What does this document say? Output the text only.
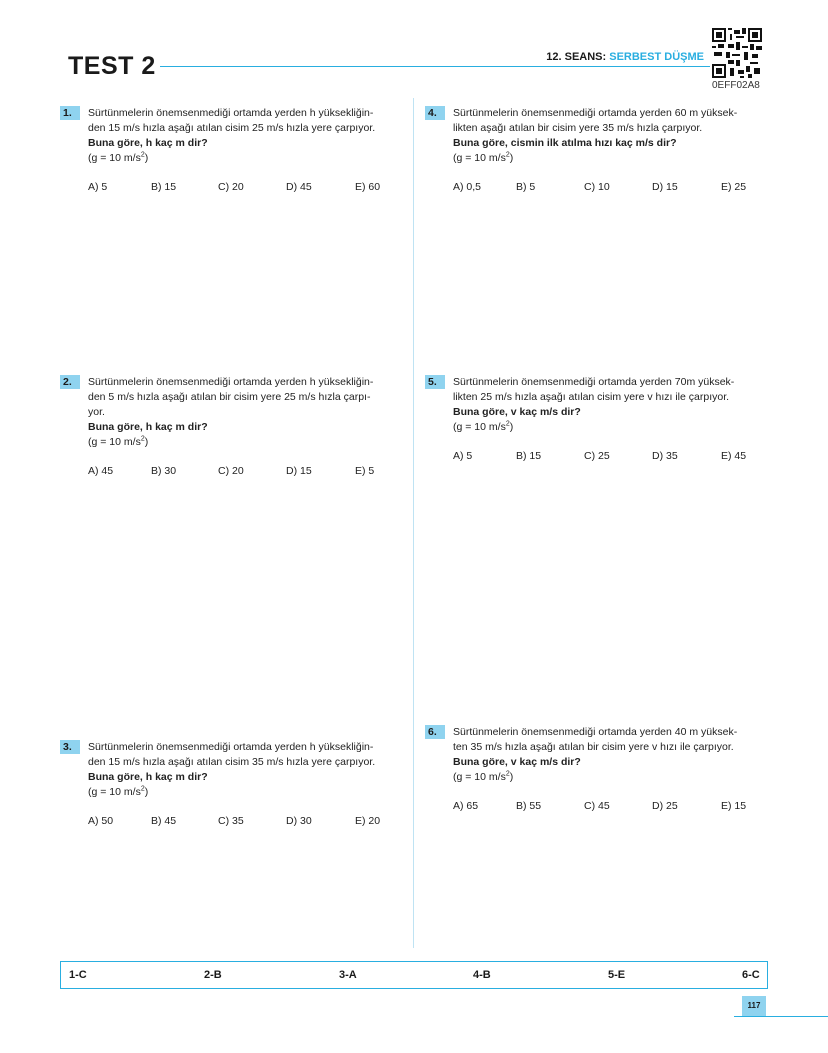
TEST 2	12. SEANS: SERBEST DÜŞME
0EFF02A8
1.	Sürtünmelerin önemsenmediği ortamda yerden h yüksekliğin-

den 15 m/s hızla aşağı atılan cisim 25 m/s hızla yere çarpıyor.

Buna göre, h kaç m dir?

(g = 10 $m/s^2$)

A) 5	B) 15	C) 20	D) 45	E) 60
2.	Sürtünmelerin önemsenmediği ortamda yerden h yüksekliğin-

den 5 m/s hızla aşağı atılan bir cisim yere 25 m/s hızla çarpı-

yor.

Buna göre, h kaç m dir?

(g = 10 $m/s^2$)

A) 45	B) 30	C) 20	D) 15	E) 5
3.	Sürtünmelerin önemsenmediği ortamda yerden h yüksekliğin-

den 15 m/s hızla aşağı atılan cisim 35 m/s hızla yere çarpıyor.

Buna göre, h kaç m dir?

(g = 10 $m/s^2$)

A) 50	B) 45	C) 35	D) 30	E) 20
4.	Sürtünmelerin önemsenmediği ortamda yerden 60 m yüksek-

likten aşağı atılan bir cisim yere 35 m/s hızla çarpıyor.

Buna göre, cismin ilk atılma hızı kaç m/s dir?

(g = 10 $m/s^2$)

A) 0,5	B) 5	C) 10	D) 15	E) 25
5.	Sürtünmelerin önemsenmediği ortamda yerden 70m yüksek-

likten 25 m/s hızla aşağı atılan cisim yere v hızı ile çarpıyor.

Buna göre, v kaç m/s dir?

(g = 10 $m/s^2$)

A) 5	B) 15	C) 25	D) 35	E) 45
6.	Sürtünmelerin önemsenmediği ortamda yerden 40 m yüksek-

ten 35 m/s hızla aşağı atılan bir cisim yere v hızı ile çarpıyor.

Buna göre, v kaç m/s dir?

(g = 10 $m/s^2$)

A) 65	B) 55	C) 45	D) 25	E) 15
1-C	2-B	3-A	4-B	5-E	6-C
117
